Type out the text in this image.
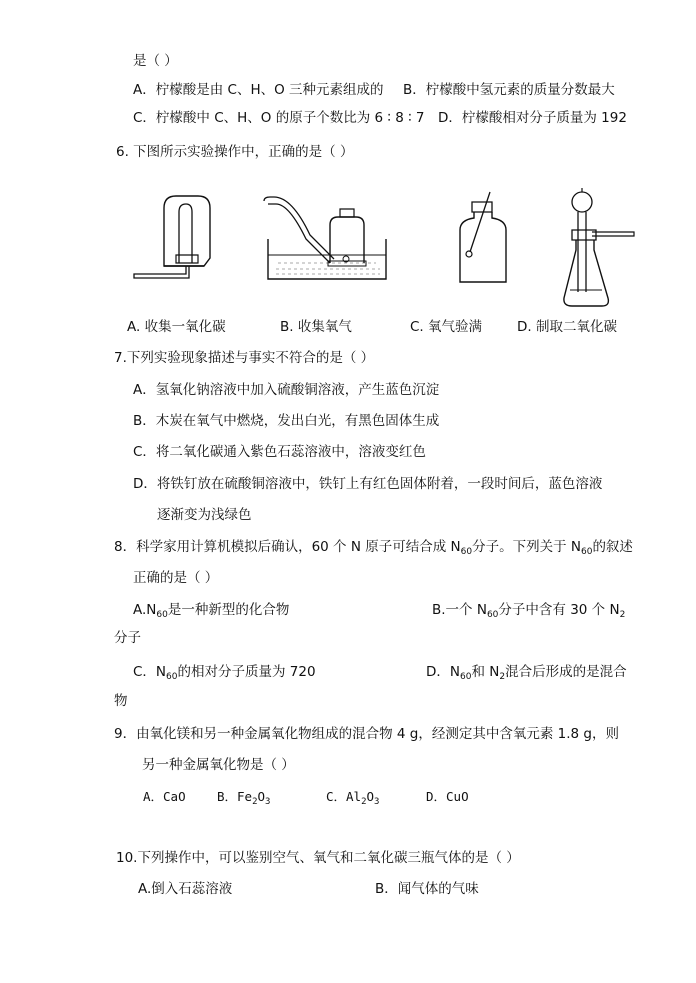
是（ ）
A．柠檬酸是由 C、H、O 三种元素组成的 B．柠檬酸中氢元素的质量分数最大
C．柠檬酸中 C、H、O 的原子个数比为 6 ∶ 8 ∶ 7 D．柠檬酸相对分子质量为 192
6. 下图所示实验操作中，正确的是（ ）
A. 收集一氧化碳	B. 收集氧气	C. 氧气验满	D. 制取二氧化碳
7.下列实验现象描述与事实不符合的是（ ）
A．氢氧化钠溶液中加入硫酸铜溶液，产生蓝色沉淀
B．木炭在氧气中燃烧，发出白光，有黑色固体生成
C．将二氧化碳通入紫色石蕊溶液中，溶液变红色
D．将铁钉放在硫酸铜溶液中，铁钉上有红色固体附着，一段时间后，蓝色溶液
逐渐变为浅绿色
8．科学家用计算机模拟后确认，60 个 N 原子可结合成 $N_{60}$分子。下列关于 $N_{60}$的叙述
正确的是（ ）
$A.N_{60}$是一种新型的化合物	B.一个 $N_{60}$分子中含有 30 个 $N_2$
分子
C．$N_{60}$的相对分子质量为 720	D．$N_{60}$和 $N_2$混合后形成的是混合
物
9．由氧化镁和另一种金属氧化物组成的混合物 4 g，经测定其中含氧元素 1.8 g，则
另一种金属氧化物是（ ）
A．CaO	B．$Fe_2O_3$	C．$Al_2O_3$	D．CuO
10.下列操作中，可以鉴别空气、氧气和二氧化碳三瓶气体的是（ ）
A.倒入石蕊溶液	B．闻气体的气味
